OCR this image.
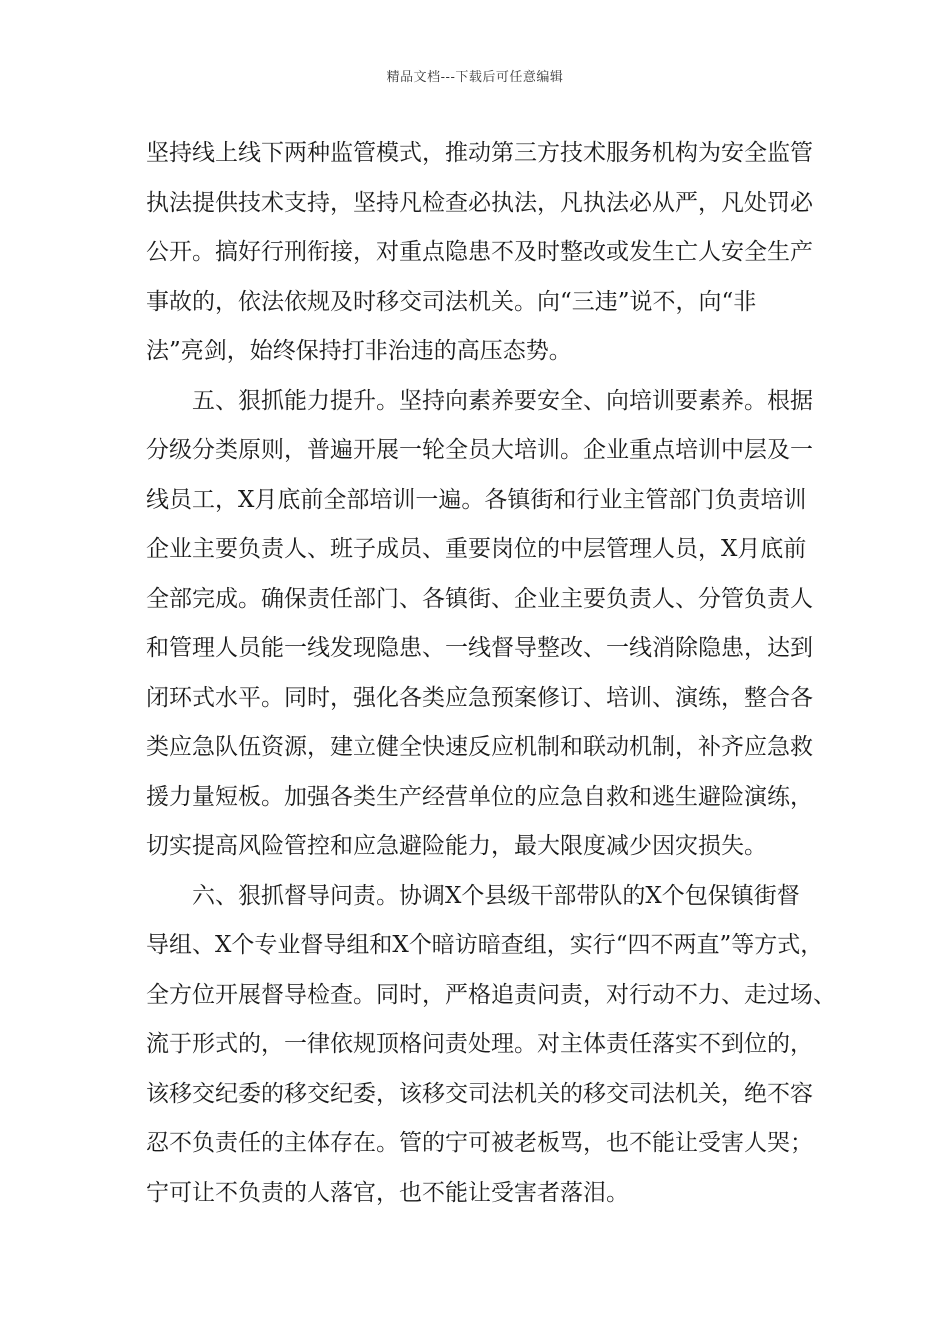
精品文档---下载后可任意编辑
坚持线上线下两种监管模式，推动第三方技术服务机构为安全监管
执法提供技术支持，坚持凡检查必执法，凡执法必从严，凡处罚必
公开。搞好行刑衔接，对重点隐患不及时整改或发生亡人安全生产
事故的，依法依规及时移交司法机关。向“三违”说不，向“非
法”亮剑，始终保持打非治违的高压态势。
五、狠抓能力提升。坚持向素养要安全、向培训要素养。根据
分级分类原则，普遍开展一轮全员大培训。企业重点培训中层及一
线员工，X月底前全部培训一遍。各镇街和行业主管部门负责培训
企业主要负责人、班子成员、重要岗位的中层管理人员，X月底前
全部完成。确保责任部门、各镇街、企业主要负责人、分管负责人
和管理人员能一线发现隐患、一线督导整改、一线消除隐患，达到
闭环式水平。同时，强化各类应急预案修订、培训、演练，整合各
类应急队伍资源，建立健全快速反应机制和联动机制，补齐应急救
援力量短板。加强各类生产经营单位的应急自救和逃生避险演练，
切实提高风险管控和应急避险能力，最大限度减少因灾损失。
六、狠抓督导问责。协调X个县级干部带队的X个包保镇街督
导组、X个专业督导组和X个暗访暗查组，实行“四不两直”等方式，
全方位开展督导检查。同时，严格追责问责，对行动不力、走过场、
流于形式的，一律依规顶格问责处理。对主体责任落实不到位的，
该移交纪委的移交纪委，该移交司法机关的移交司法机关，绝不容
忍不负责任的主体存在。管的宁可被老板骂，也不能让受害人哭；
宁可让不负责的人落官，也不能让受害者落泪。
